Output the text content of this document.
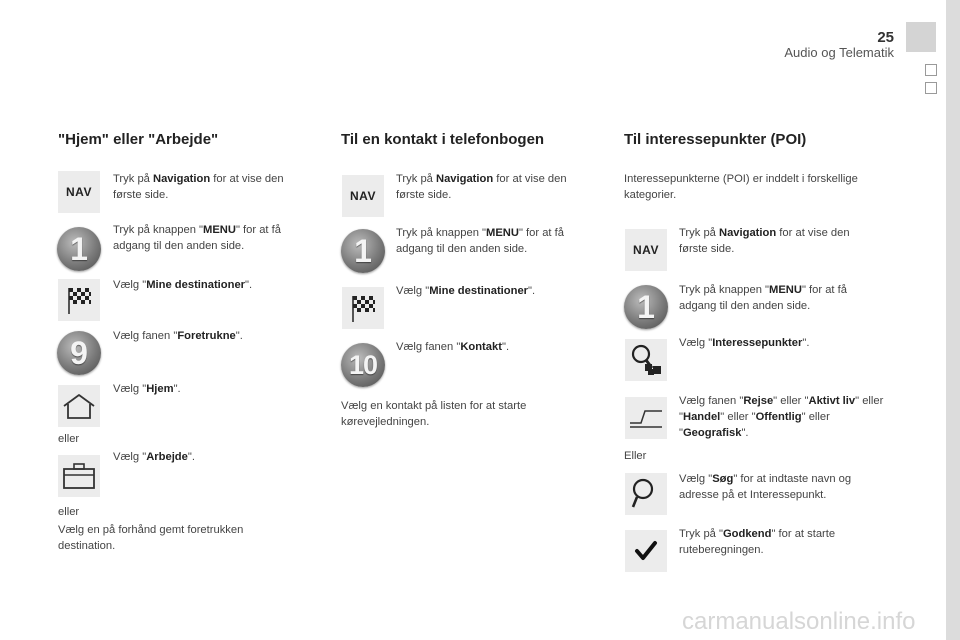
25
Audio og Telematik
"Hjem" eller "Arbejde"
NAV
Tryk på Navigation for at vise den første side.
1
Tryk på knappen "MENU" for at få adgang til den anden side.
Vælg "Mine destinationer".
9 Vælg fanen "Foretrukne".
Vælg "Hjem".
eller
Vælg "Arbejde".
eller
Vælg en på forhånd gemt foretrukken destination.
Til en kontakt i telefonbogen
NAV
Tryk på Navigation for at vise den første side.
1 Tryk på knappen "MENU" for at få adgang til den anden side.
Vælg "Mine destinationer".
10
Vælg fanen "Kontakt".
Vælg en kontakt på listen for at starte kørevejledningen.
Til interessepunkter (POI)
Interessepunkterne (POI) er inddelt i forskellige kategorier.
NAV
Tryk på Navigation for at vise den første side.
1 Tryk på knappen "MENU" for at få adgang til den anden side.
Vælg "Interessepunkter".
Vælg fanen "Rejse" eller "Aktivt liv" eller "Handel" eller "Offentlig" eller "Geografisk".
Eller
Vælg "Søg" for at indtaste navn og adresse på et Interessepunkt.
Tryk på "Godkend" for at starte ruteberegningen.
carmanualsonline.info
